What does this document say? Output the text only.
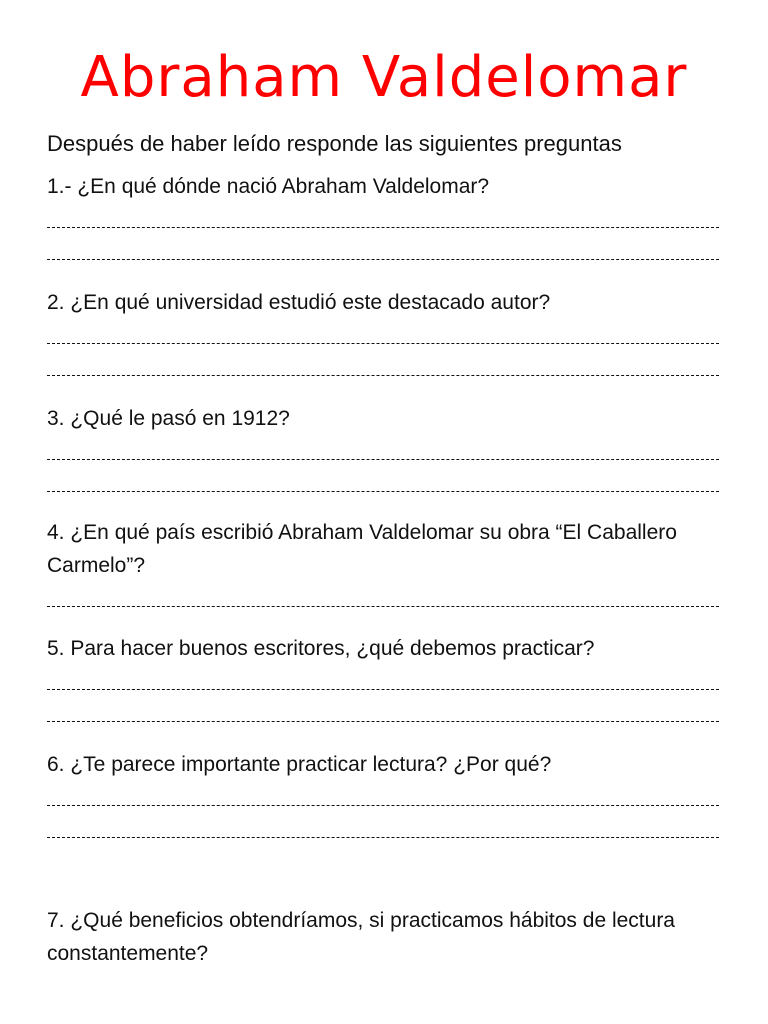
Abraham Valdelomar
Después de haber leído responde las siguientes preguntas
1.- ¿En qué dónde nació Abraham Valdelomar?
2. ¿En qué universidad estudió este destacado autor?
3. ¿Qué le pasó en 1912?
4. ¿En qué país escribió Abraham Valdelomar su obra “El Caballero Carmelo”?
5. Para hacer buenos escritores, ¿qué debemos practicar?
6. ¿Te parece importante practicar lectura? ¿Por qué?
7. ¿Qué beneficios obtendríamos, si practicamos hábitos de lectura constantemente?
